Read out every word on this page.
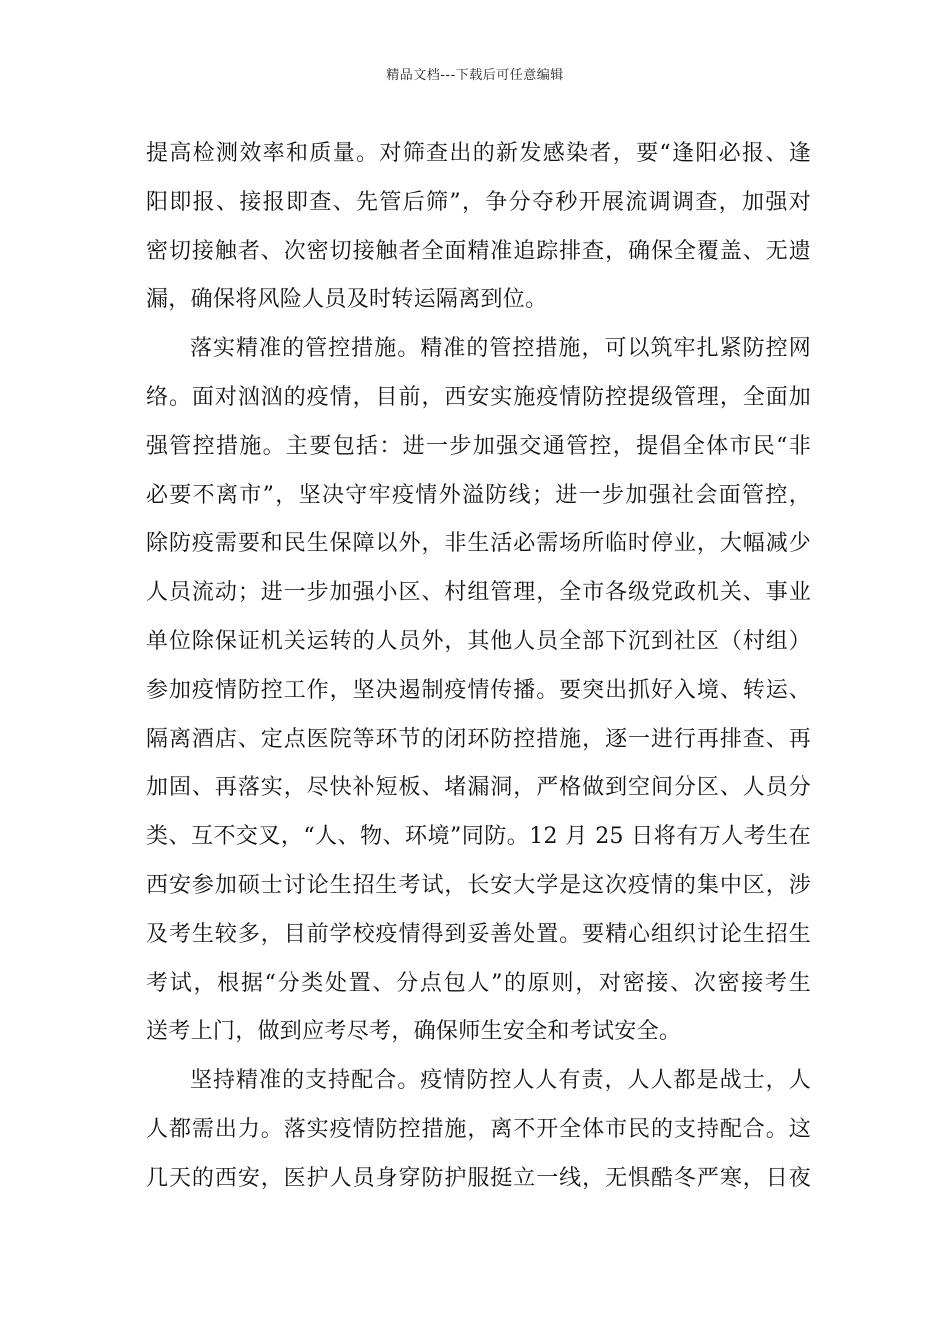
精品文档---下载后可任意编辑
提高检测效率和质量。对筛查出的新发感染者，要“逢阳必报、逢
阳即报、接报即查、先管后筛”，争分夺秒开展流调调查，加强对
密切接触者、次密切接触者全面精准追踪排查，确保全覆盖、无遗
漏，确保将风险人员及时转运隔离到位。
落实精准的管控措施。精准的管控措施，可以筑牢扎紧防控网
络。面对汹汹的疫情，目前，西安实施疫情防控提级管理，全面加
强管控措施。主要包括：进一步加强交通管控，提倡全体市民“非
必要不离市”，坚决守牢疫情外溢防线；进一步加强社会面管控，
除防疫需要和民生保障以外，非生活必需场所临时停业，大幅减少
人员流动；进一步加强小区、村组管理，全市各级党政机关、事业
单位除保证机关运转的人员外，其他人员全部下沉到社区（村组）
参加疫情防控工作，坚决遏制疫情传播。要突出抓好入境、转运、
隔离酒店、定点医院等环节的闭环防控措施，逐一进行再排查、再
加固、再落实，尽快补短板、堵漏洞，严格做到空间分区、人员分
类、互不交叉，“人、物、环境”同防。12 月 25 日将有万人考生在
西安参加硕士讨论生招生考试，长安大学是这次疫情的集中区，涉
及考生较多，目前学校疫情得到妥善处置。要精心组织讨论生招生
考试，根据“分类处置、分点包人”的原则，对密接、次密接考生
送考上门，做到应考尽考，确保师生安全和考试安全。
坚持精准的支持配合。疫情防控人人有责，人人都是战士，人
人都需出力。落实疫情防控措施，离不开全体市民的支持配合。这
几天的西安，医护人员身穿防护服挺立一线，无惧酷冬严寒，日夜
